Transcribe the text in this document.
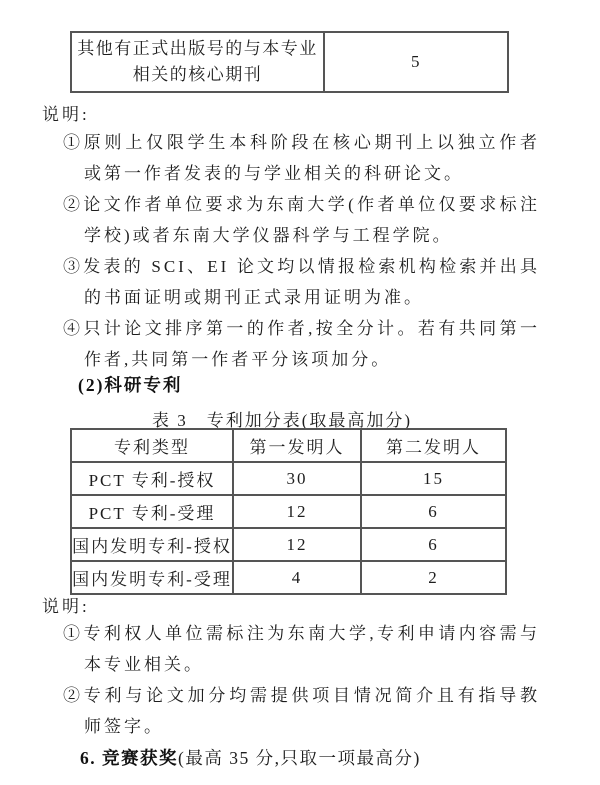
其他有正式出版号的与本专业相关的核心期刊	5
说明:
①原则上仅限学生本科阶段在核心期刊上以独立作者或第一作者发表的与学业相关的科研论文。
②论文作者单位要求为东南大学(作者单位仅要求标注学校)或者东南大学仪器科学与工程学院。
③发表的 SCI、EI 论文均以情报检索机构检索并出具的书面证明或期刊正式录用证明为准。
④只计论文排序第一的作者,按全分计。若有共同第一作者,共同第一作者平分该项加分。
(2)科研专利
表 3　专利加分表(取最高加分)
专利类型	第一发明人	第二发明人
PCT 专利-授权	30	15
PCT 专利-受理	12	6
国内发明专利-授权	12	6
国内发明专利-受理	4	2
说明:
①专利权人单位需标注为东南大学,专利申请内容需与本专业相关。
②专利与论文加分均需提供项目情况简介且有指导教师签字。
6. 竞赛获奖(最高 35 分,只取一项最高分)
